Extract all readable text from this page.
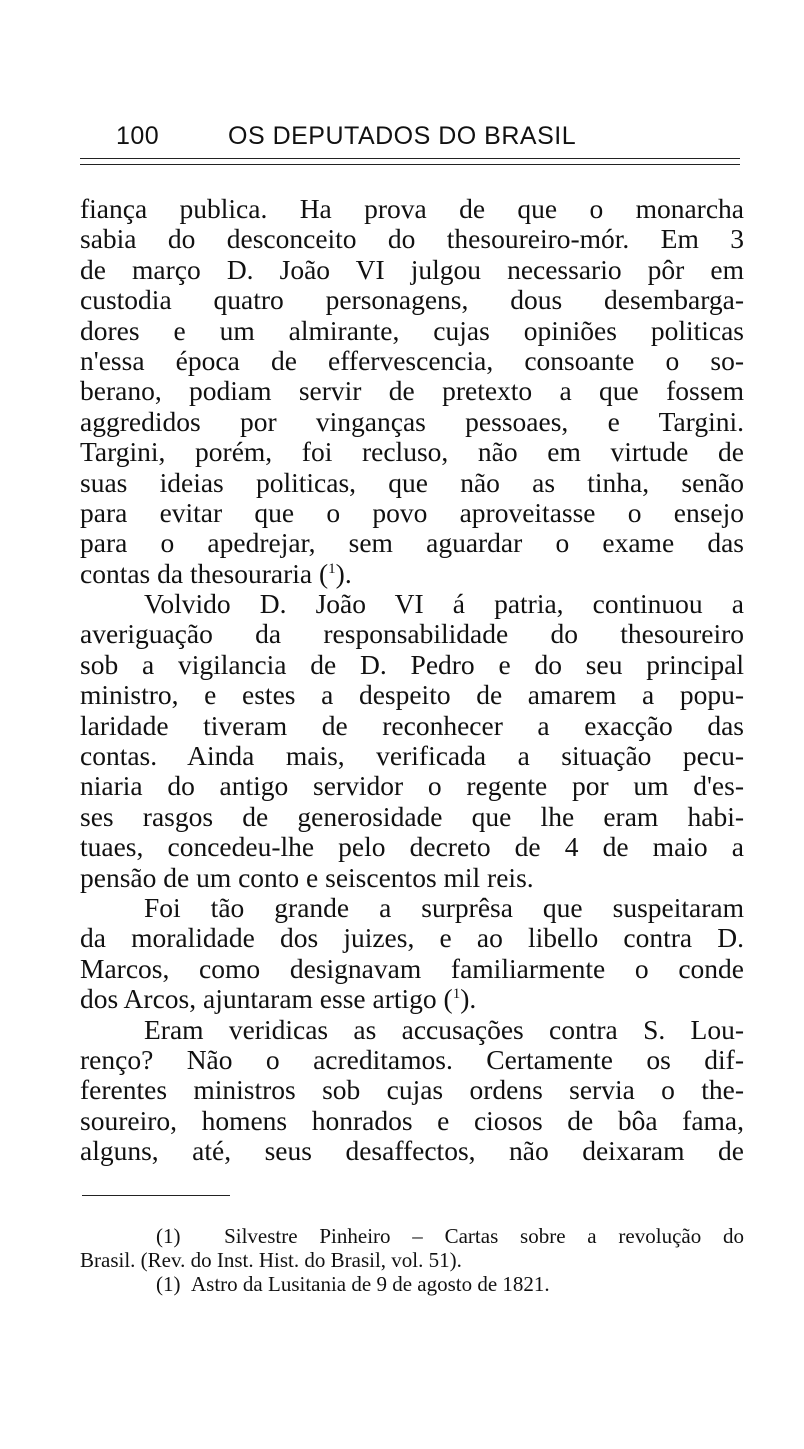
100	OS DEPUTADOS DO BRASIL
fiança publica. Ha prova de que o monarcha
sabia do desconceito do thesoureiro-mór. Em 3
de março D. João VI julgou necessario pôr em
custodia quatro personagens, dous desembarga-
dores e um almirante, cujas opiniões politicas
n'essa época de effervescencia, consoante o so-
berano, podiam servir de pretexto a que fossem
aggredidos por vinganças pessoaes, e Targini.
Targini, porém, foi recluso, não em virtude de
suas ideias politicas, que não as tinha, senão
para evitar que o povo aproveitasse o ensejo
para o apedrejar, sem aguardar o exame das
contas da thesouraria ($^1$).
Volvido D. João VI á patria, continuou a
averiguação da responsabilidade do thesoureiro
sob a vigilancia de D. Pedro e do seu principal
ministro, e estes a despeito de amarem a popu-
laridade tiveram de reconhecer a exacção das
contas. Ainda mais, verificada a situação pecu-
niaria do antigo servidor o regente por um d'es-
ses rasgos de generosidade que lhe eram habi-
tuaes, concedeu-lhe pelo decreto de 4 de maio a
pensão de um conto e seiscentos mil reis.
Foi tão grande a surprêsa que suspeitaram
da moralidade dos juizes, e ao libello contra D.
Marcos, como designavam familiarmente o conde
dos Arcos, ajuntaram esse artigo ($^1$).
Eram veridicas as accusações contra S. Lou-
renço? Não o acreditamos. Certamente os dif-
ferentes ministros sob cujas ordens servia o the-
soureiro, homens honrados e ciosos de bôa fama,
alguns, até, seus desaffectos, não deixaram de
(1) Silvestre Pinheiro – Cartas sobre a revolução do
Brasil. (Rev. do Inst. Hist. do Brasil, vol. 51).
(1) Astro da Lusitania de 9 de agosto de 1821.
